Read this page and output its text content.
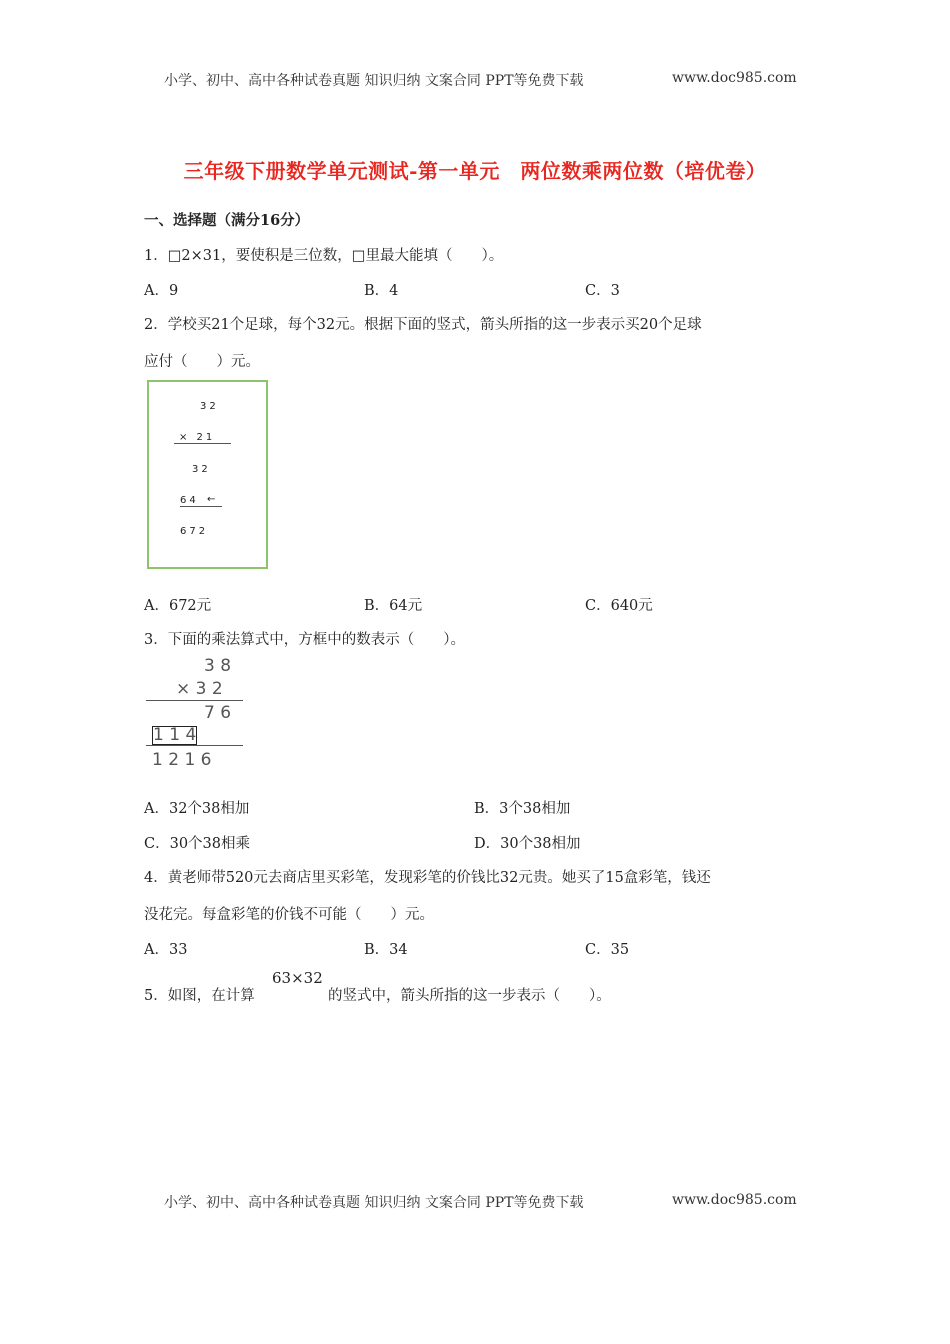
小学、初中、高中各种试卷真题 知识归纳 文案合同 PPT等免费下载	www.doc985.com
三年级下册数学单元测试-第一单元　两位数乘两位数（培优卷）
一、选择题（满分16分）
1．□2×31，要使积是三位数，□里最大能填（　　）。
A．9	B．4	C．3
2．学校买21个足球，每个32元。根据下面的竖式，箭头所指的这一步表示买20个足球
应付（　　）元。
32
× 21
32
64 ←
672
A．672元	B．64元	C．640元
3．下面的乘法算式中，方框中的数表示（　　）。
3 8
× 3 2
7 6
1 1 4
1 2 1 6
A．32个38相加	B．3个38相加
C．30个38相乘	D．30个38相加
4．黄老师带520元去商店里买彩笔，发现彩笔的价钱比32元贵。她买了15盒彩笔，钱还
没花完。每盒彩笔的价钱不可能（　　）元。
A．33	B．34	C．35
5．如图，在计算
63×32
的竖式中，箭头所指的这一步表示（　　）。
小学、初中、高中各种试卷真题 知识归纳 文案合同 PPT等免费下载	www.doc985.com
